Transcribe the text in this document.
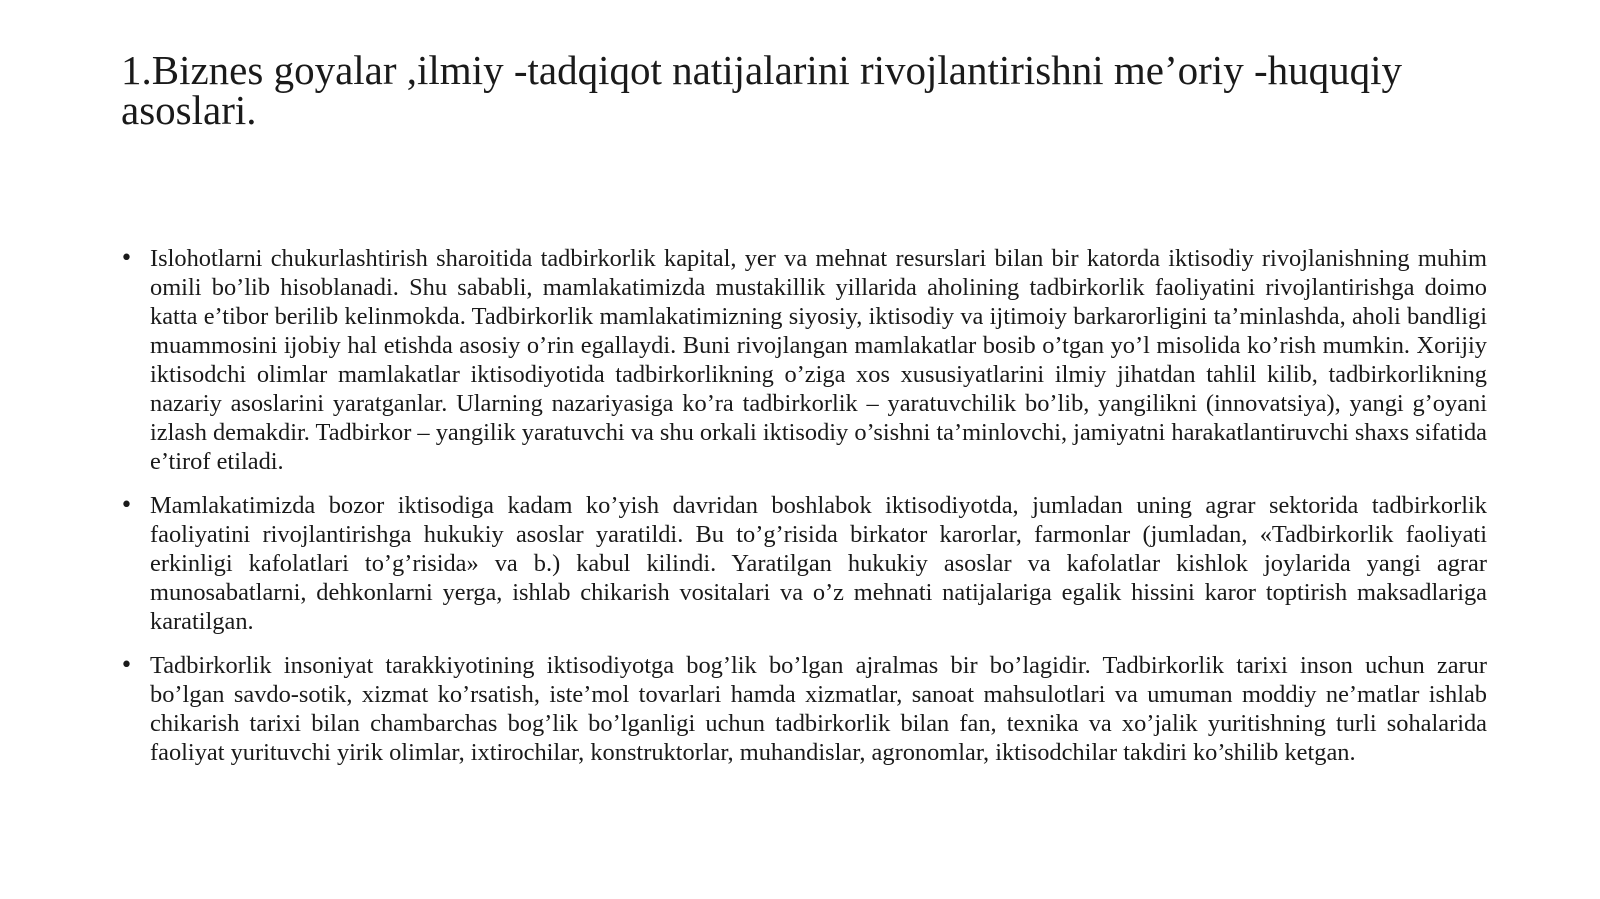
1.Biznes goyalar ,ilmiy -tadqiqot natijalarini rivojlantirishni me’oriy -huquqiy asoslari.
• Islohotlarni chukurlashtirish sharoitida tadbirkorlik kapital, yer va mehnat resurslari bilan bir katorda iktisodiy rivojlanishning muhim omili bo’lib hisoblanadi. Shu sababli, mamlakatimizda mustakillik yillarida aholining tadbirkorlik faoliyatini rivojlantirishga doimo katta e’tibor berilib kelinmokda. Tadbirkorlik mamlakatimizning siyosiy, iktisodiy va ijtimoiy barkarorligini ta’minlashda, aholi bandligi muammosini ijobiy hal etishda asosiy o’rin egallaydi. Buni rivojlangan mamlakatlar bosib o’tgan yo’l misolida ko’rish mumkin. Xorijiy iktisodchi olimlar mamlakatlar iktisodiyotida tadbirkorlikning o’ziga xos xususiyatlarini ilmiy jihatdan tahlil kilib, tadbirkorlikning nazariy asoslarini yaratganlar. Ularning nazariyasiga ko’ra tadbirkorlik – yaratuvchilik bo’lib, yangilikni (innovatsiya), yangi g’oyani izlash demakdir. Tadbirkor – yangilik yaratuvchi va shu orkali iktisodiy o’sishni ta’minlovchi, jamiyatni harakatlantiruvchi shaxs sifatida e’tirof etiladi.
• Mamlakatimizda bozor iktisodiga kadam ko’yish davridan boshlabok iktisodiyotda, jumladan uning agrar sektorida tadbirkorlik faoliyatini rivojlantirishga hukukiy asoslar yaratildi. Bu to’g’risida birkator karorlar, farmonlar (jumladan, «Tadbirkorlik faoliyati erkinligi kafolatlari to’g’risida» va b.) kabul kilindi. Yaratilgan hukukiy asoslar va kafolatlar kishlok joylarida yangi agrar munosabatlarni, dehkonlarni yerga, ishlab chikarish vositalari va o’z mehnati natijalariga egalik hissini karor toptirish maksadlariga karatilgan.
• Tadbirkorlik insoniyat tarakkiyotining iktisodiyotga bog’lik bo’lgan ajralmas bir bo’lagidir. Tadbirkorlik tarixi inson uchun zarur bo’lgan savdo-sotik, xizmat ko’rsatish, iste’mol tovarlari hamda xizmatlar, sanoat mahsulotlari va umuman moddiy ne’matlar ishlab chikarish tarixi bilan chambarchas bog’lik bo’lganligi uchun tadbirkorlik bilan fan, texnika va xo’jalik yuritishning turli sohalarida faoliyat yurituvchi yirik olimlar, ixtirochilar, konstruktorlar, muhandislar, agronomlar, iktisodchilar takdiri ko’shilib ketgan.
